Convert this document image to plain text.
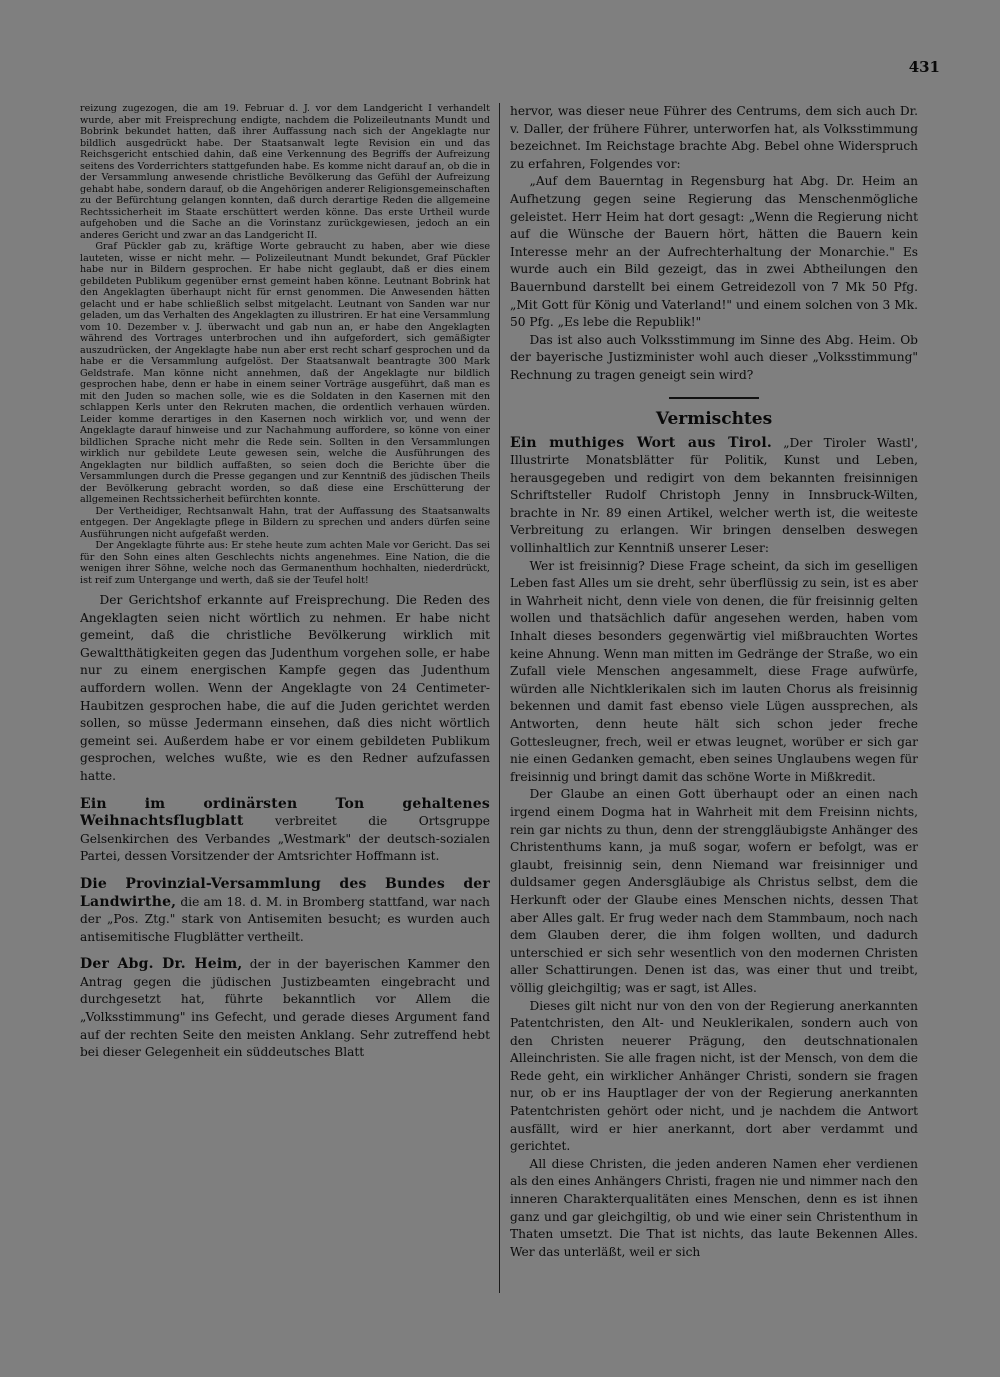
431

reizung zugezogen, die am 19. Februar d. J. vor dem Landgericht I verhandelt wurde, aber mit Freisprechung endigte, nachdem die Polizeileutnants Mundt und Bobrink bekundet hatten, daß ihrer Auffassung nach sich der Angeklagte nur bildlich ausgedrückt habe. Der Staatsanwalt legte Revision ein und das Reichsgericht entschied dahin, daß eine Verkennung des Begriffs der Aufreizung seitens des Vorderrichters stattgefunden habe. Es komme nicht darauf an, ob die in der Versammlung anwesende christliche Bevölkerung das Gefühl der Aufreizung gehabt habe, sondern darauf, ob die Angehörigen anderer Religionsgemeinschaften zu der Befürchtung gelangen konnten, daß durch derartige Reden die allgemeine Rechtssicherheit im Staate erschüttert werden könne. Das erste Urtheil wurde aufgehoben und die Sache an die Vorinstanz zurückgewiesen, jedoch an ein anderes Gericht und zwar an das Landgericht II.

Graf Pückler gab zu, kräftige Worte gebraucht zu haben, aber wie diese lauteten, wisse er nicht mehr. — Polizeileutnant Mundt bekundet, Graf Pückler habe nur in Bildern gesprochen. Er habe nicht geglaubt, daß er dies einem gebildeten Publikum gegenüber ernst gemeint haben könne. Leutnant Bobrink hat den Angeklagten überhaupt nicht für ernst genommen. Die Anwesenden hätten gelacht und er habe schließlich selbst mitgelacht. Leutnant von Sanden war nur geladen, um das Verhalten des Angeklagten zu illustriren. Er hat eine Versammlung vom 10. Dezember v. J. überwacht und gab nun an, er habe den Angeklagten während des Vortrages unterbrochen und ihn aufgefordert, sich gemäßigter auszudrücken, der Angeklagte habe nun aber erst recht scharf gesprochen und da habe er die Versammlung aufgelöst. Der Staatsanwalt beantragte 300 Mark Geldstrafe. Man könne nicht annehmen, daß der Angeklagte nur bildlich gesprochen habe, denn er habe in einem seiner Vorträge ausgeführt, daß man es mit den Juden so machen solle, wie es die Soldaten in den Kasernen mit den schlappen Kerls unter den Rekruten machen, die ordentlich verhauen würden. Leider komme derartiges in den Kasernen noch wirklich vor, und wenn der Angeklagte darauf hinweise und zur Nachahmung auffordere, so könne von einer bildlichen Sprache nicht mehr die Rede sein. Sollten in den Versammlungen wirklich nur gebildete Leute gewesen sein, welche die Ausführungen des Angeklagten nur bildlich auffaßten, so seien doch die Berichte über die Versammlungen durch die Presse gegangen und zur Kenntniß des jüdischen Theils der Bevölkerung gebracht worden, so daß diese eine Erschütterung der allgemeinen Rechtssicherheit befürchten konnte.

Der Vertheidiger, Rechtsanwalt Hahn, trat der Auffassung des Staatsanwalts entgegen. Der Angeklagte pflege in Bildern zu sprechen und anders dürfen seine Ausführungen nicht aufgefaßt werden.

Der Angeklagte führte aus: Er stehe heute zum achten Male vor Gericht. Das sei für den Sohn eines alten Geschlechts nichts angenehmes. Eine Nation, die die wenigen ihrer Söhne, welche noch das Germanenthum hochhalten, niederdrückt, ist reif zum Untergange und werth, daß sie der Teufel holt!

Der Gerichtshof erkannte auf Freisprechung. Die Reden des Angeklagten seien nicht wörtlich zu nehmen. Er habe nicht gemeint, daß die christliche Bevölkerung wirklich mit Gewaltthätigkeiten gegen das Judenthum vorgehen solle, er habe nur zu einem energischen Kampfe gegen das Judenthum auffordern wollen. Wenn der Angeklagte von 24 Centimeter-Haubitzen gesprochen habe, die auf die Juden gerichtet werden sollen, so müsse Jedermann einsehen, daß dies nicht wörtlich gemeint sei. Außerdem habe er vor einem gebildeten Publikum gesprochen, welches wußte, wie es den Redner aufzufassen hatte.

Ein im ordinärsten Ton gehaltenes Weihnachtsflugblatt verbreitet die Ortsgruppe Gelsenkirchen des Verbandes „Westmark" der deutsch-sozialen Partei, dessen Vorsitzender der Amtsrichter Hoffmann ist.

Die Provinzial-Versammlung des Bundes der Landwirthe, die am 18. d. M. in Bromberg stattfand, war nach der „Pos. Ztg." stark von Antisemiten besucht; es wurden auch antisemitische Flugblätter vertheilt.

Der Abg. Dr. Heim, der in der bayerischen Kammer den Antrag gegen die jüdischen Justizbeamten eingebracht und durchgesetzt hat, führte bekanntlich vor Allem die „Volksstimmung" ins Gefecht, und gerade dieses Argument fand auf der rechten Seite den meisten Anklang. Sehr zutreffend hebt bei dieser Gelegenheit ein süddeutsches Blatt

hervor, was dieser neue Führer des Centrums, dem sich auch Dr. v. Daller, der frühere Führer, unterworfen hat, als Volksstimmung bezeichnet. Im Reichstage brachte Abg. Bebel ohne Widerspruch zu erfahren, Folgendes vor:

„Auf dem Bauerntag in Regensburg hat Abg. Dr. Heim an Aufhetzung gegen seine Regierung das Menschenmögliche geleistet. Herr Heim hat dort gesagt: „Wenn die Regierung nicht auf die Wünsche der Bauern hört, hätten die Bauern kein Interesse mehr an der Aufrechterhaltung der Monarchie." Es wurde auch ein Bild gezeigt, das in zwei Abtheilungen den Bauernbund darstellt bei einem Getreidezoll von 7 Mk 50 Pfg. „Mit Gott für König und Vaterland!" und einem solchen von 3 Mk. 50 Pfg. „Es lebe die Republik!"

Das ist also auch Volksstimmung im Sinne des Abg. Heim. Ob der bayerische Justizminister wohl auch dieser „Volksstimmung" Rechnung zu tragen geneigt sein wird?

Vermischtes

Ein muthiges Wort aus Tirol. „Der Tiroler Wastl', Illustrirte Monatsblätter für Politik, Kunst und Leben, herausgegeben und redigirt von dem bekannten freisinnigen Schriftsteller Rudolf Christoph Jenny in Innsbruck-Wilten, brachte in Nr. 89 einen Artikel, welcher werth ist, die weiteste Verbreitung zu erlangen. Wir bringen denselben deswegen vollinhaltlich zur Kenntniß unserer Leser:

Wer ist freisinnig? Diese Frage scheint, da sich im geselligen Leben fast Alles um sie dreht, sehr überflüssig zu sein, ist es aber in Wahrheit nicht, denn viele von denen, die für freisinnig gelten wollen und thatsächlich dafür angesehen werden, haben vom Inhalt dieses besonders gegenwärtig viel mißbrauchten Wortes keine Ahnung. Wenn man mitten im Gedränge der Straße, wo ein Zufall viele Menschen angesammelt, diese Frage aufwürfe, würden alle Nichtklerikalen sich im lauten Chorus als freisinnig bekennen und damit fast ebenso viele Lügen aussprechen, als Antworten, denn heute hält sich schon jeder freche Gottesleugner, frech, weil er etwas leugnet, worüber er sich gar nie einen Gedanken gemacht, eben seines Unglaubens wegen für freisinnig und bringt damit das schöne Worte in Mißkredit.

Der Glaube an einen Gott überhaupt oder an einen nach irgend einem Dogma hat in Wahrheit mit dem Freisinn nichts, rein gar nichts zu thun, denn der strenggläubigste Anhänger des Christenthums kann, ja muß sogar, wofern er befolgt, was er glaubt, freisinnig sein, denn Niemand war freisinniger und duldsamer gegen Andersgläubige als Christus selbst, dem die Herkunft oder der Glaube eines Menschen nichts, dessen That aber Alles galt. Er frug weder nach dem Stammbaum, noch nach dem Glauben derer, die ihm folgen wollten, und dadurch unterschied er sich sehr wesentlich von den modernen Christen aller Schattirungen. Denen ist das, was einer thut und treibt, völlig gleichgiltig; was er sagt, ist Alles.

Dieses gilt nicht nur von den von der Regierung anerkannten Patentchristen, den Alt- und Neuklerikalen, sondern auch von den Christen neuerer Prägung, den deutschnationalen Alleinchristen. Sie alle fragen nicht, ist der Mensch, von dem die Rede geht, ein wirklicher Anhänger Christi, sondern sie fragen nur, ob er ins Hauptlager der von der Regierung anerkannten Patentchristen gehört oder nicht, und je nachdem die Antwort ausfällt, wird er hier anerkannt, dort aber verdammt und gerichtet.

All diese Christen, die jeden anderen Namen eher verdienen als den eines Anhängers Christi, fragen nie und nimmer nach den inneren Charakterqualitäten eines Menschen, denn es ist ihnen ganz und gar gleichgiltig, ob und wie einer sein Christenthum in Thaten umsetzt. Die That ist nichts, das laute Bekennen Alles. Wer das unterläßt, weil er sich
